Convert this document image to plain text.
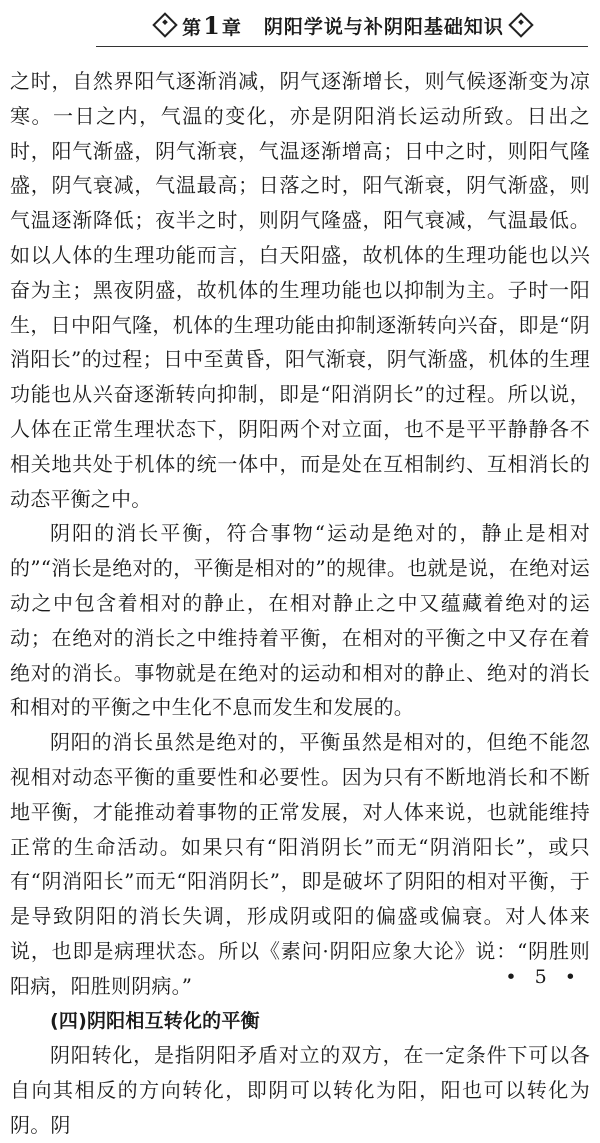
第1章 阴阳学说与补阴阳基础知识

之时，自然界阳气逐渐消减，阴气逐渐增长，则气候逐渐变为凉寒。一日之内，气温的变化，亦是阴阳消长运动所致。日出之时，阳气渐盛，阴气渐衰，气温逐渐增高；日中之时，则阳气隆盛，阴气衰减，气温最高；日落之时，阳气渐衰，阴气渐盛，则气温逐渐降低；夜半之时，则阴气隆盛，阳气衰减，气温最低。如以人体的生理功能而言，白天阳盛，故机体的生理功能也以兴奋为主；黑夜阴盛，故机体的生理功能也以抑制为主。子时一阳生，日中阳气隆，机体的生理功能由抑制逐渐转向兴奋，即是“阴消阳长”的过程；日中至黄昏，阳气渐衰，阴气渐盛，机体的生理功能也从兴奋逐渐转向抑制，即是“阳消阴长”的过程。所以说，人体在正常生理状态下，阴阳两个对立面，也不是平平静静各不相关地共处于机体的统一体中，而是处在互相制约、互相消长的动态平衡之中。

阴阳的消长平衡，符合事物“运动是绝对的，静止是相对的”“消长是绝对的，平衡是相对的”的规律。也就是说，在绝对运动之中包含着相对的静止，在相对静止之中又蕴藏着绝对的运动；在绝对的消长之中维持着平衡，在相对的平衡之中又存在着绝对的消长。事物就是在绝对的运动和相对的静止、绝对的消长和相对的平衡之中生化不息而发生和发展的。

阴阳的消长虽然是绝对的，平衡虽然是相对的，但绝不能忽视相对动态平衡的重要性和必要性。因为只有不断地消长和不断地平衡，才能推动着事物的正常发展，对人体来说，也就能维持正常的生命活动。如果只有“阳消阴长”而无“阴消阳长”，或只有“阴消阳长”而无“阳消阴长”，即是破坏了阴阳的相对平衡，于是导致阴阳的消长失调，形成阴或阳的偏盛或偏衰。对人体来说，也即是病理状态。所以《素问·阴阳应象大论》说：“阴胜则阳病，阳胜则阴病。”

(四)阴阳相互转化的平衡

阴阳转化，是指阴阳矛盾对立的双方，在一定条件下可以各自向其相反的方向转化，即阴可以转化为阳，阳也可以转化为阴。阴

• 5 •
